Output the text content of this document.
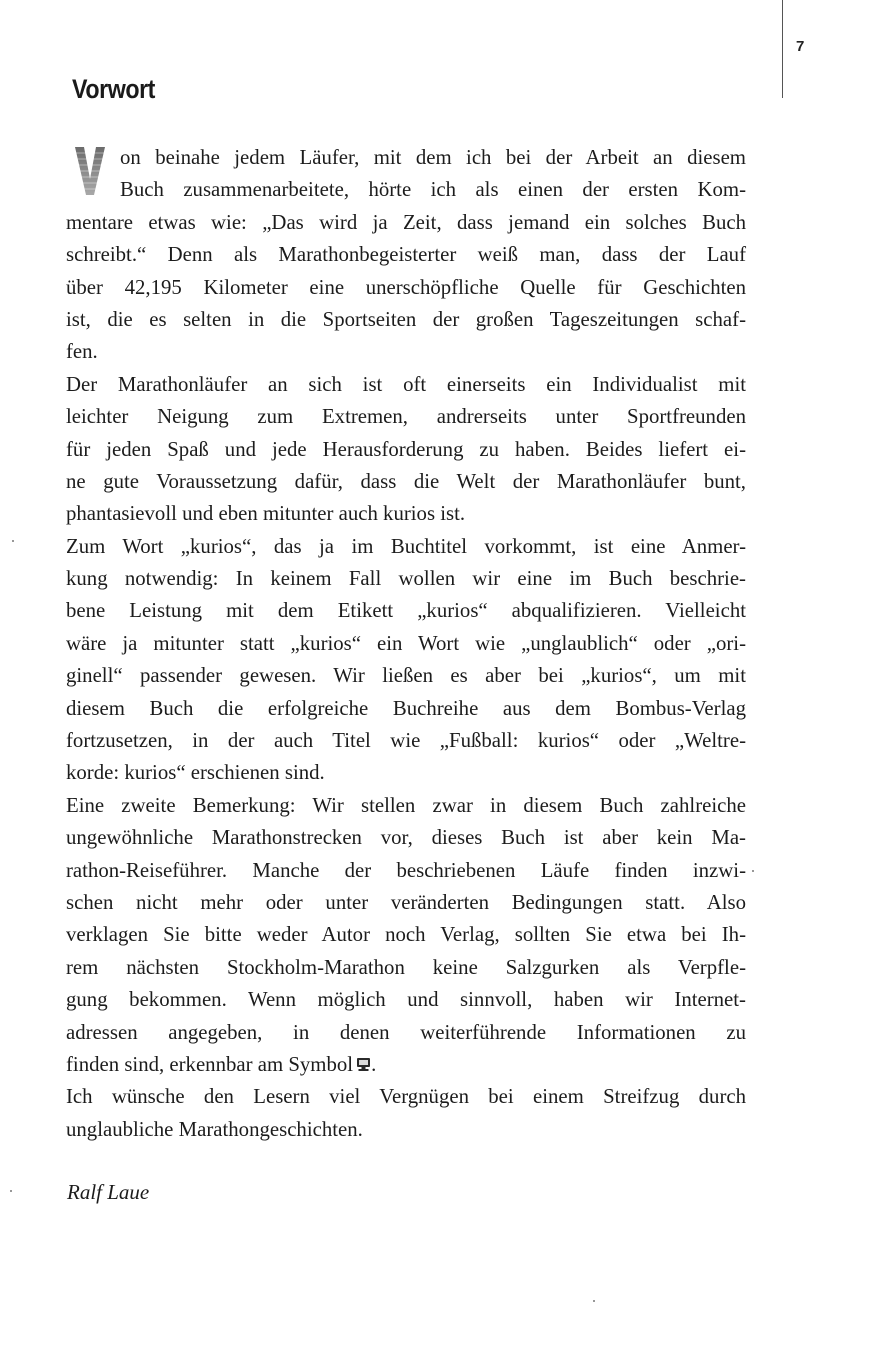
7
Vorwort
on beinahe jedem Läufer, mit dem ich bei der Arbeit an diesem
Buch zusammenarbeitete, hörte ich als einen der ersten Kom-
mentare etwas wie: „Das wird ja Zeit, dass jemand ein solches Buch
schreibt.“ Denn als Marathonbegeisterter weiß man, dass der Lauf
über 42,195 Kilometer eine unerschöpfliche Quelle für Geschichten
ist, die es selten in die Sportseiten der großen Tageszeitungen schaf-
fen.
Der Marathonläufer an sich ist oft einerseits ein Individualist mit
leichter Neigung zum Extremen, andrerseits unter Sportfreunden
für jeden Spaß und jede Herausforderung zu haben. Beides liefert ei-
ne gute Voraussetzung dafür, dass die Welt der Marathonläufer bunt,
phantasievoll und eben mitunter auch kurios ist.
Zum Wort „kurios“, das ja im Buchtitel vorkommt, ist eine Anmer-
kung notwendig: In keinem Fall wollen wir eine im Buch beschrie-
bene Leistung mit dem Etikett „kurios“ abqualifizieren. Vielleicht
wäre ja mitunter statt „kurios“ ein Wort wie „unglaublich“ oder „ori-
ginell“ passender gewesen. Wir ließen es aber bei „kurios“, um mit
diesem Buch die erfolgreiche Buchreihe aus dem Bombus-Verlag
fortzusetzen, in der auch Titel wie „Fußball: kurios“ oder „Weltre-
korde: kurios“ erschienen sind.
Eine zweite Bemerkung: Wir stellen zwar in diesem Buch zahlreiche
ungewöhnliche Marathonstrecken vor, dieses Buch ist aber kein Ma-
rathon-Reiseführer. Manche der beschriebenen Läufe finden inzwi-
schen nicht mehr oder unter veränderten Bedingungen statt. Also
verklagen Sie bitte weder Autor noch Verlag, sollten Sie etwa bei Ih-
rem nächsten Stockholm-Marathon keine Salzgurken als Verpfle-
gung bekommen. Wenn möglich und sinnvoll, haben wir Internet-
adressen angegeben, in denen weiterführende Informationen zu
finden sind, erkennbar am Symbol .
Ich wünsche den Lesern viel Vergnügen bei einem Streifzug durch
unglaubliche Marathongeschichten.
Ralf Laue
